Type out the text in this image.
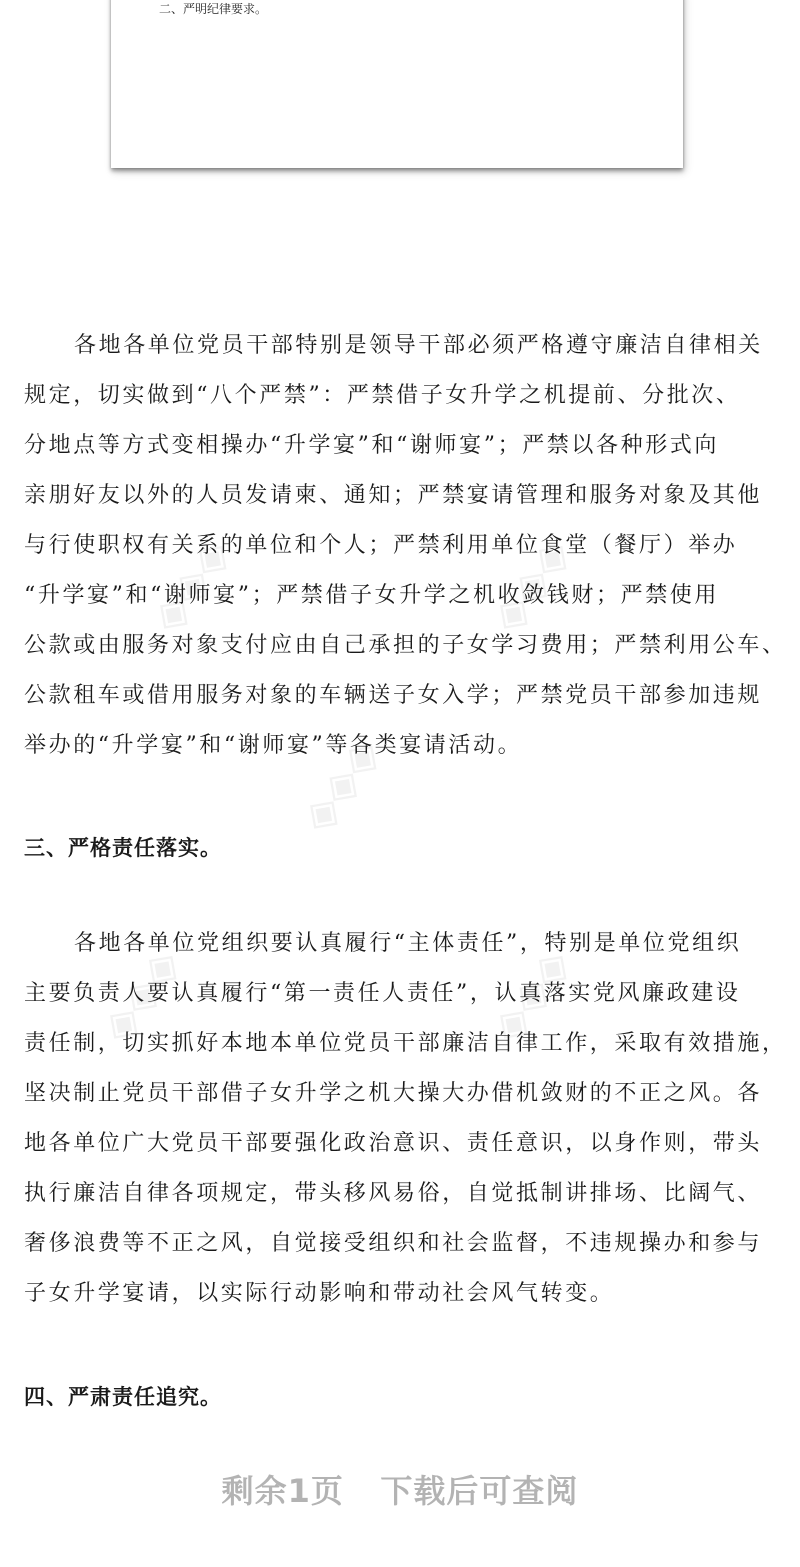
二、严明纪律要求。
◈◈◈	◈◈◈
◈◈◈
◈◈◈	◈◈◈
各地各单位党员干部特别是领导干部必须严格遵守廉洁自律相关
规定，切实做到“八个严禁”：严禁借子女升学之机提前、分批次、
分地点等方式变相操办“升学宴”和“谢师宴”；严禁以各种形式向
亲朋好友以外的人员发请柬、通知；严禁宴请管理和服务对象及其他
与行使职权有关系的单位和个人；严禁利用单位食堂（餐厅）举办
“升学宴”和“谢师宴”；严禁借子女升学之机收敛钱财；严禁使用
公款或由服务对象支付应由自己承担的子女学习费用；严禁利用公车、
公款租车或借用服务对象的车辆送子女入学；严禁党员干部参加违规
举办的“升学宴”和“谢师宴”等各类宴请活动。
三、严格责任落实。
各地各单位党组织要认真履行“主体责任”，特别是单位党组织
主要负责人要认真履行“第一责任人责任”，认真落实党风廉政建设
责任制，切实抓好本地本单位党员干部廉洁自律工作，采取有效措施，
坚决制止党员干部借子女升学之机大操大办借机敛财的不正之风。各
地各单位广大党员干部要强化政治意识、责任意识，以身作则，带头
执行廉洁自律各项规定，带头移风易俗，自觉抵制讲排场、比阔气、
奢侈浪费等不正之风，自觉接受组织和社会监督，不违规操办和参与
子女升学宴请，以实际行动影响和带动社会风气转变。
四、严肃责任追究。
剩余1页   下载后可查阅
